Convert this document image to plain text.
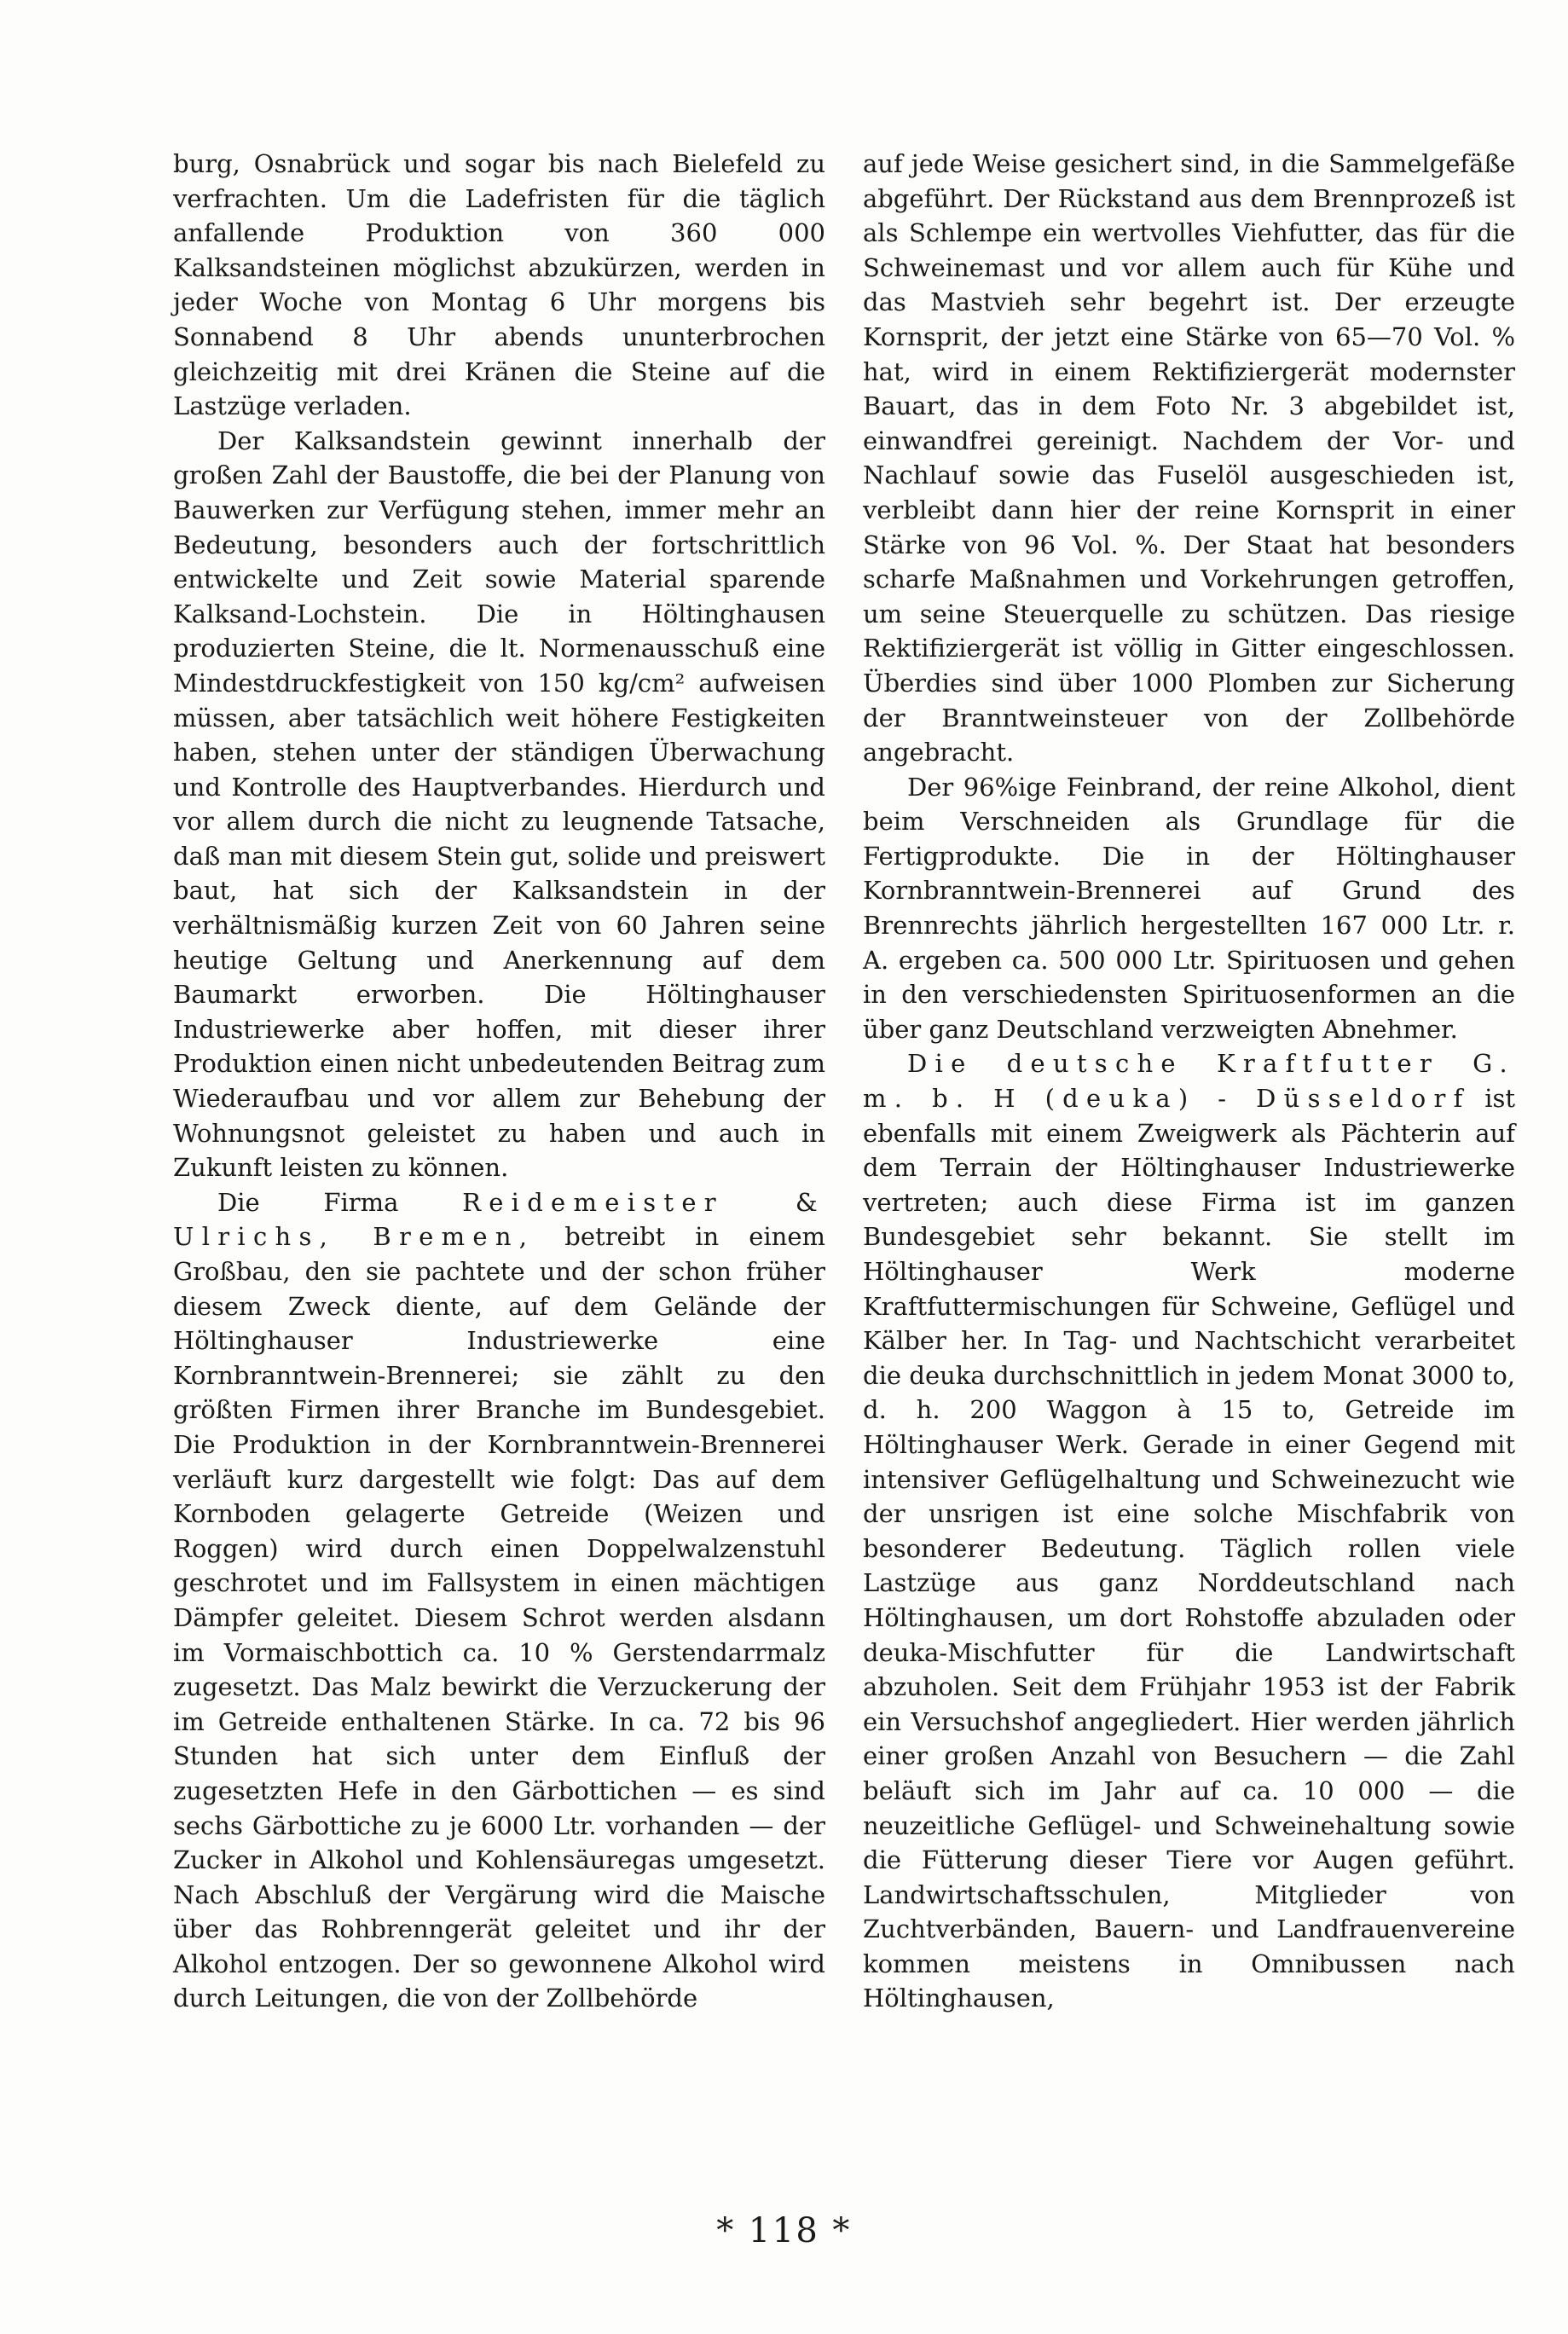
burg, Osnabrück und sogar bis nach Bielefeld zu verfrachten. Um die Ladefristen für die täglich anfallende Produktion von 360 000 Kalksandsteinen möglichst abzukürzen, werden in jeder Woche von Montag 6 Uhr morgens bis Sonnabend 8 Uhr abends ununterbrochen gleichzeitig mit drei Kränen die Steine auf die Lastzüge verladen.

Der Kalksandstein gewinnt innerhalb der großen Zahl der Baustoffe, die bei der Planung von Bauwerken zur Verfügung stehen, immer mehr an Bedeutung, besonders auch der fortschrittlich entwickelte und Zeit sowie Material sparende Kalksand-Lochstein. Die in Höltinghausen produzierten Steine, die lt. Normenausschuß eine Mindestdruckfestigkeit von 150 kg/cm² aufweisen müssen, aber tatsächlich weit höhere Festigkeiten haben, stehen unter der ständigen Überwachung und Kontrolle des Hauptverbandes. Hierdurch und vor allem durch die nicht zu leugnende Tatsache, daß man mit diesem Stein gut, solide und preiswert baut, hat sich der Kalksandstein in der verhältnismäßig kurzen Zeit von 60 Jahren seine heutige Geltung und Anerkennung auf dem Baumarkt erworben. Die Höltinghauser Industriewerke aber hoffen, mit dieser ihrer Produktion einen nicht unbedeutenden Beitrag zum Wiederaufbau und vor allem zur Behebung der Wohnungsnot geleistet zu haben und auch in Zukunft leisten zu können.

Die Firma Reidemeister & Ulrichs, Bremen, betreibt in einem Großbau, den sie pachtete und der schon früher diesem Zweck diente, auf dem Gelände der Höltinghauser Industriewerke eine Kornbranntwein-Brennerei; sie zählt zu den größten Firmen ihrer Branche im Bundesgebiet. Die Produktion in der Kornbranntwein-Brennerei verläuft kurz dargestellt wie folgt: Das auf dem Kornboden gelagerte Getreide (Weizen und Roggen) wird durch einen Doppelwalzenstuhl geschrotet und im Fallsystem in einen mächtigen Dämpfer geleitet. Diesem Schrot werden alsdann im Vormaischbottich ca. 10 % Gerstendarrmalz zugesetzt. Das Malz bewirkt die Verzuckerung der im Getreide enthaltenen Stärke. In ca. 72 bis 96 Stunden hat sich unter dem Einfluß der zugesetzten Hefe in den Gärbottichen — es sind sechs Gärbottiche zu je 6000 Ltr. vorhanden — der Zucker in Alkohol und Kohlensäuregas umgesetzt. Nach Abschluß der Vergärung wird die Maische über das Rohbrenngerät geleitet und ihr der Alkohol entzogen. Der so gewonnene Alkohol wird durch Leitungen, die von der Zollbehörde

auf jede Weise gesichert sind, in die Sammelgefäße abgeführt. Der Rückstand aus dem Brennprozeß ist als Schlempe ein wertvolles Viehfutter, das für die Schweinemast und vor allem auch für Kühe und das Mastvieh sehr begehrt ist. Der erzeugte Kornsprit, der jetzt eine Stärke von 65—70 Vol. % hat, wird in einem Rektifiziergerät modernster Bauart, das in dem Foto Nr. 3 abgebildet ist, einwandfrei gereinigt. Nachdem der Vor- und Nachlauf sowie das Fuselöl ausgeschieden ist, verbleibt dann hier der reine Kornsprit in einer Stärke von 96 Vol. %. Der Staat hat besonders scharfe Maßnahmen und Vorkehrungen getroffen, um seine Steuerquelle zu schützen. Das riesige Rektifiziergerät ist völlig in Gitter eingeschlossen. Überdies sind über 1000 Plomben zur Sicherung der Branntweinsteuer von der Zollbehörde angebracht.

Der 96%ige Feinbrand, der reine Alkohol, dient beim Verschneiden als Grundlage für die Fertigprodukte. Die in der Höltinghauser Kornbranntwein-Brennerei auf Grund des Brennrechts jährlich hergestellten 167 000 Ltr. r. A. ergeben ca. 500 000 Ltr. Spirituosen und gehen in den verschiedensten Spirituosenformen an die über ganz Deutschland verzweigten Abnehmer.

Die deutsche Kraftfutter G. m. b. H (deuka) - Düsseldorf ist ebenfalls mit einem Zweigwerk als Pächterin auf dem Terrain der Höltinghauser Industriewerke vertreten; auch diese Firma ist im ganzen Bundesgebiet sehr bekannt. Sie stellt im Höltinghauser Werk moderne Kraftfuttermischungen für Schweine, Geflügel und Kälber her. In Tag- und Nachtschicht verarbeitet die deuka durchschnittlich in jedem Monat 3000 to, d. h. 200 Waggon à 15 to, Getreide im Höltinghauser Werk. Gerade in einer Gegend mit intensiver Geflügelhaltung und Schweinezucht wie der unsrigen ist eine solche Mischfabrik von besonderer Bedeutung. Täglich rollen viele Lastzüge aus ganz Norddeutschland nach Höltinghausen, um dort Rohstoffe abzuladen oder deuka-Mischfutter für die Landwirtschaft abzuholen. Seit dem Frühjahr 1953 ist der Fabrik ein Versuchshof angegliedert. Hier werden jährlich einer großen Anzahl von Besuchern — die Zahl beläuft sich im Jahr auf ca. 10 000 — die neuzeitliche Geflügel- und Schweinehaltung sowie die Fütterung dieser Tiere vor Augen geführt. Landwirtschaftsschulen, Mitglieder von Zuchtverbänden, Bauern- und Landfrauenvereine kommen meistens in Omnibussen nach Höltinghausen,

* 118 *
